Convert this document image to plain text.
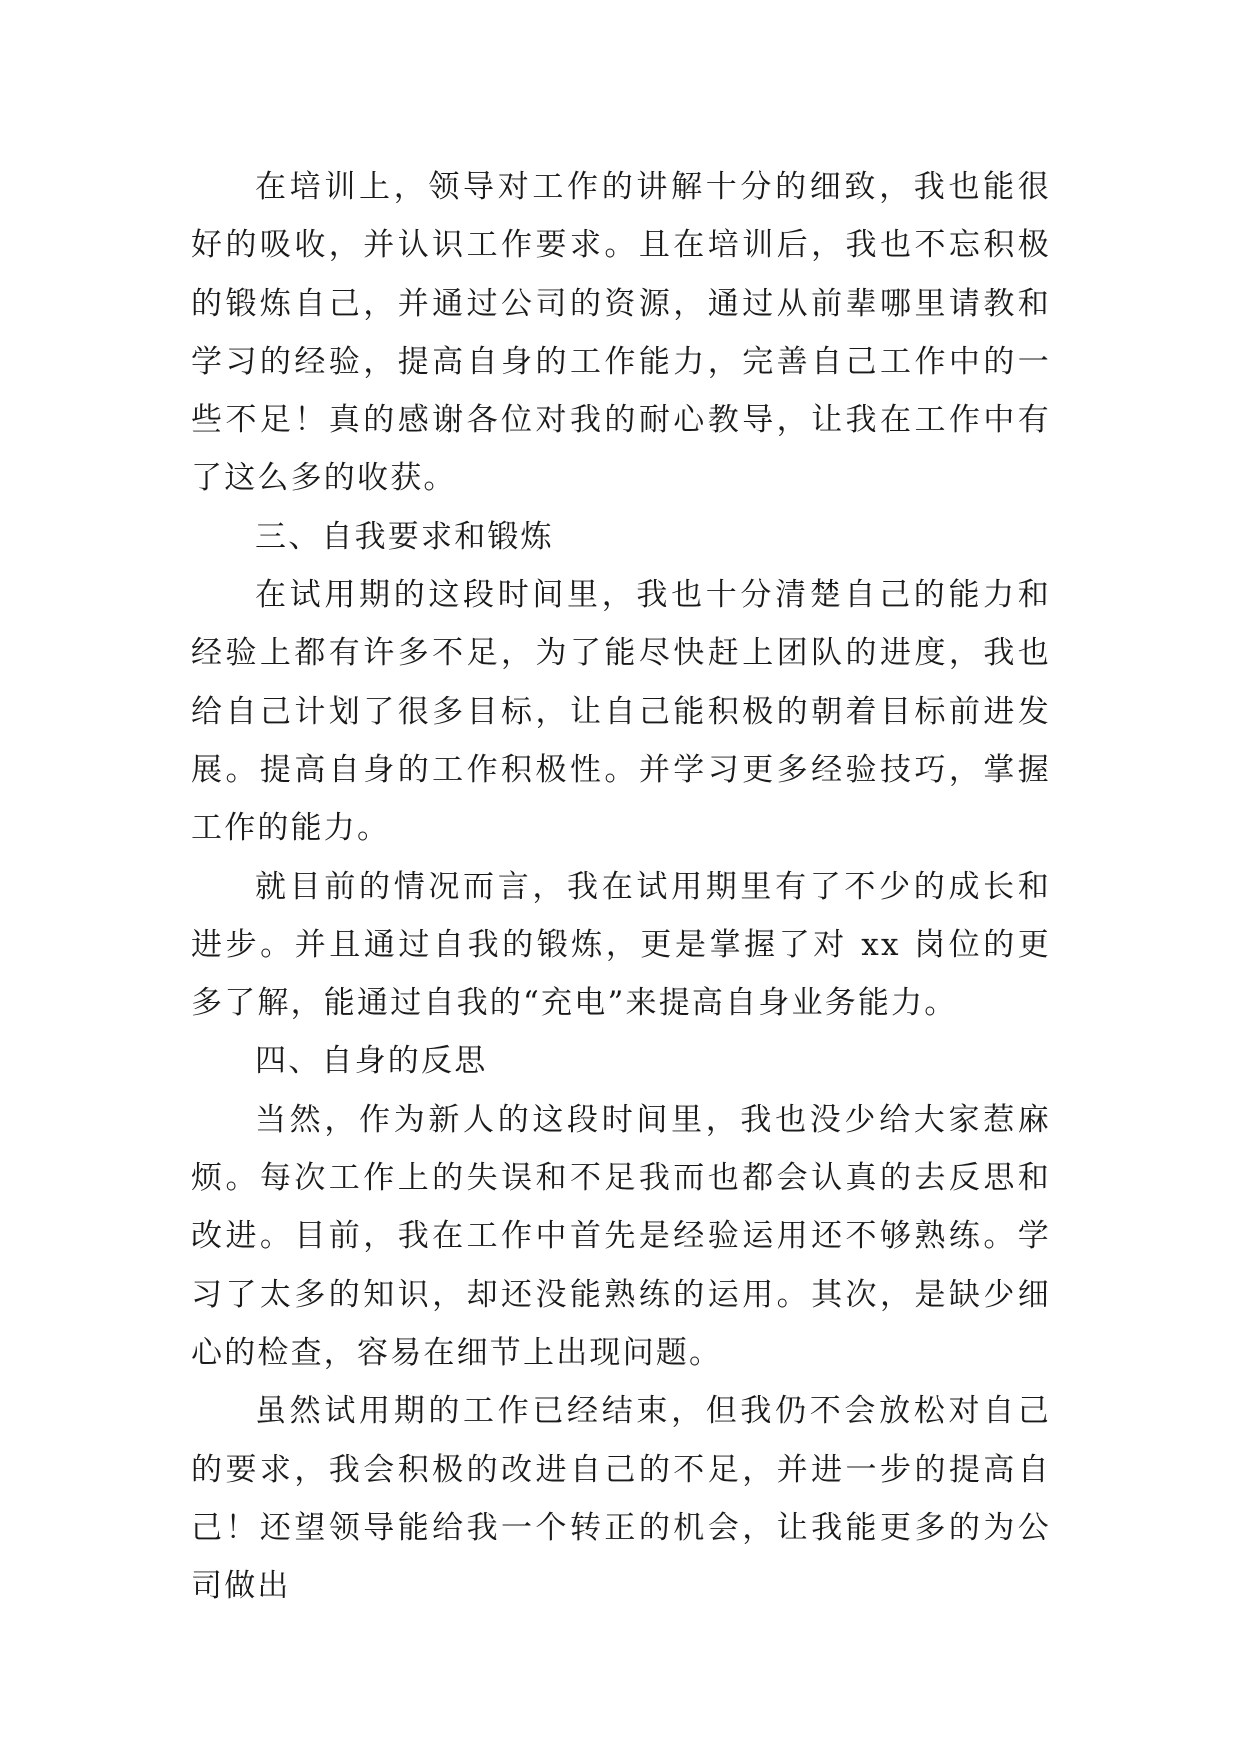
在培训上，领导对工作的讲解十分的细致，我也能很好的吸收，并认识工作要求。且在培训后，我也不忘积极的锻炼自己，并通过公司的资源，通过从前辈哪里请教和学习的经验，提高自身的工作能力，完善自己工作中的一些不足！真的感谢各位对我的耐心教导，让我在工作中有了这么多的收获。

三、自我要求和锻炼

在试用期的这段时间里，我也十分清楚自己的能力和经验上都有许多不足，为了能尽快赶上团队的进度，我也给自己计划了很多目标，让自己能积极的朝着目标前进发展。提高自身的工作积极性。并学习更多经验技巧，掌握工作的能力。

就目前的情况而言，我在试用期里有了不少的成长和进步。并且通过自我的锻炼，更是掌握了对 xx 岗位的更多了解，能通过自我的“充电”来提高自身业务能力。

四、自身的反思

当然，作为新人的这段时间里，我也没少给大家惹麻烦。每次工作上的失误和不足我而也都会认真的去反思和改进。目前，我在工作中首先是经验运用还不够熟练。学习了太多的知识，却还没能熟练的运用。其次，是缺少细心的检查，容易在细节上出现问题。

虽然试用期的工作已经结束，但我仍不会放松对自己的要求，我会积极的改进自己的不足，并进一步的提高自己！还望领导能给我一个转正的机会，让我能更多的为公司做出
